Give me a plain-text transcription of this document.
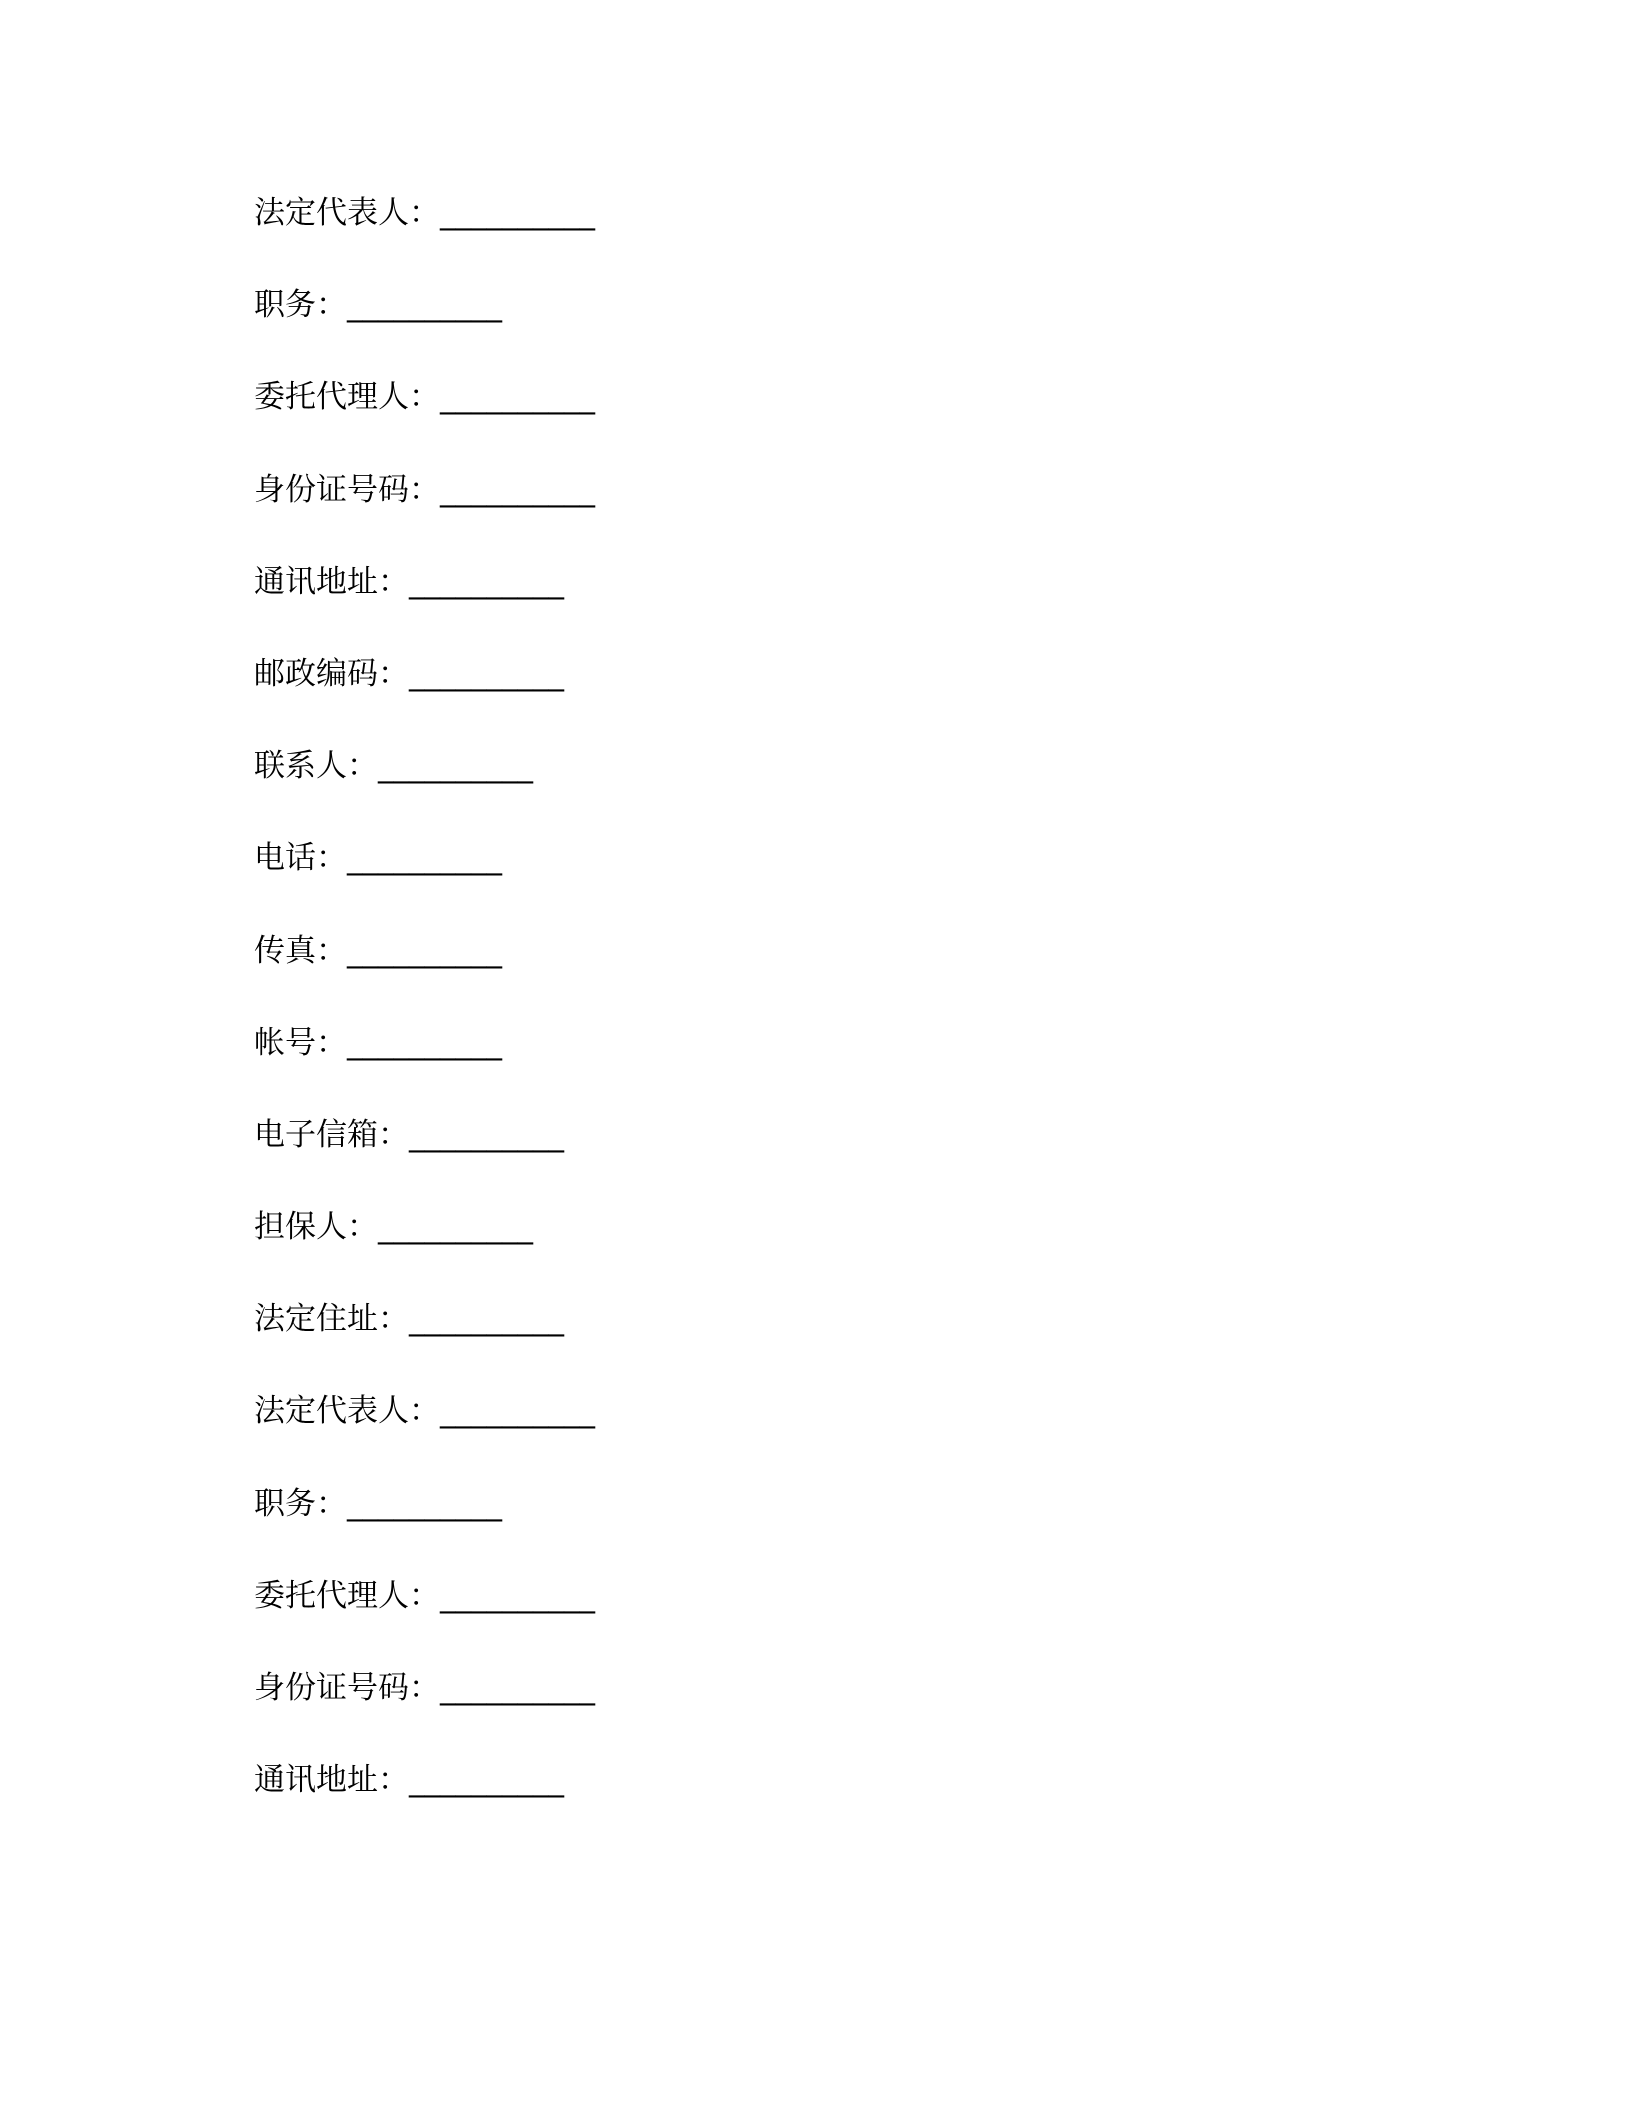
法定代表人：__________
职务：__________
委托代理人：__________
身份证号码：__________
通讯地址：__________
邮政编码：__________
联系人：__________
电话：__________
传真：__________
帐号：__________
电子信箱：__________
担保人：__________
法定住址：__________
法定代表人：__________
职务：__________
委托代理人：__________
身份证号码：__________
通讯地址：__________
